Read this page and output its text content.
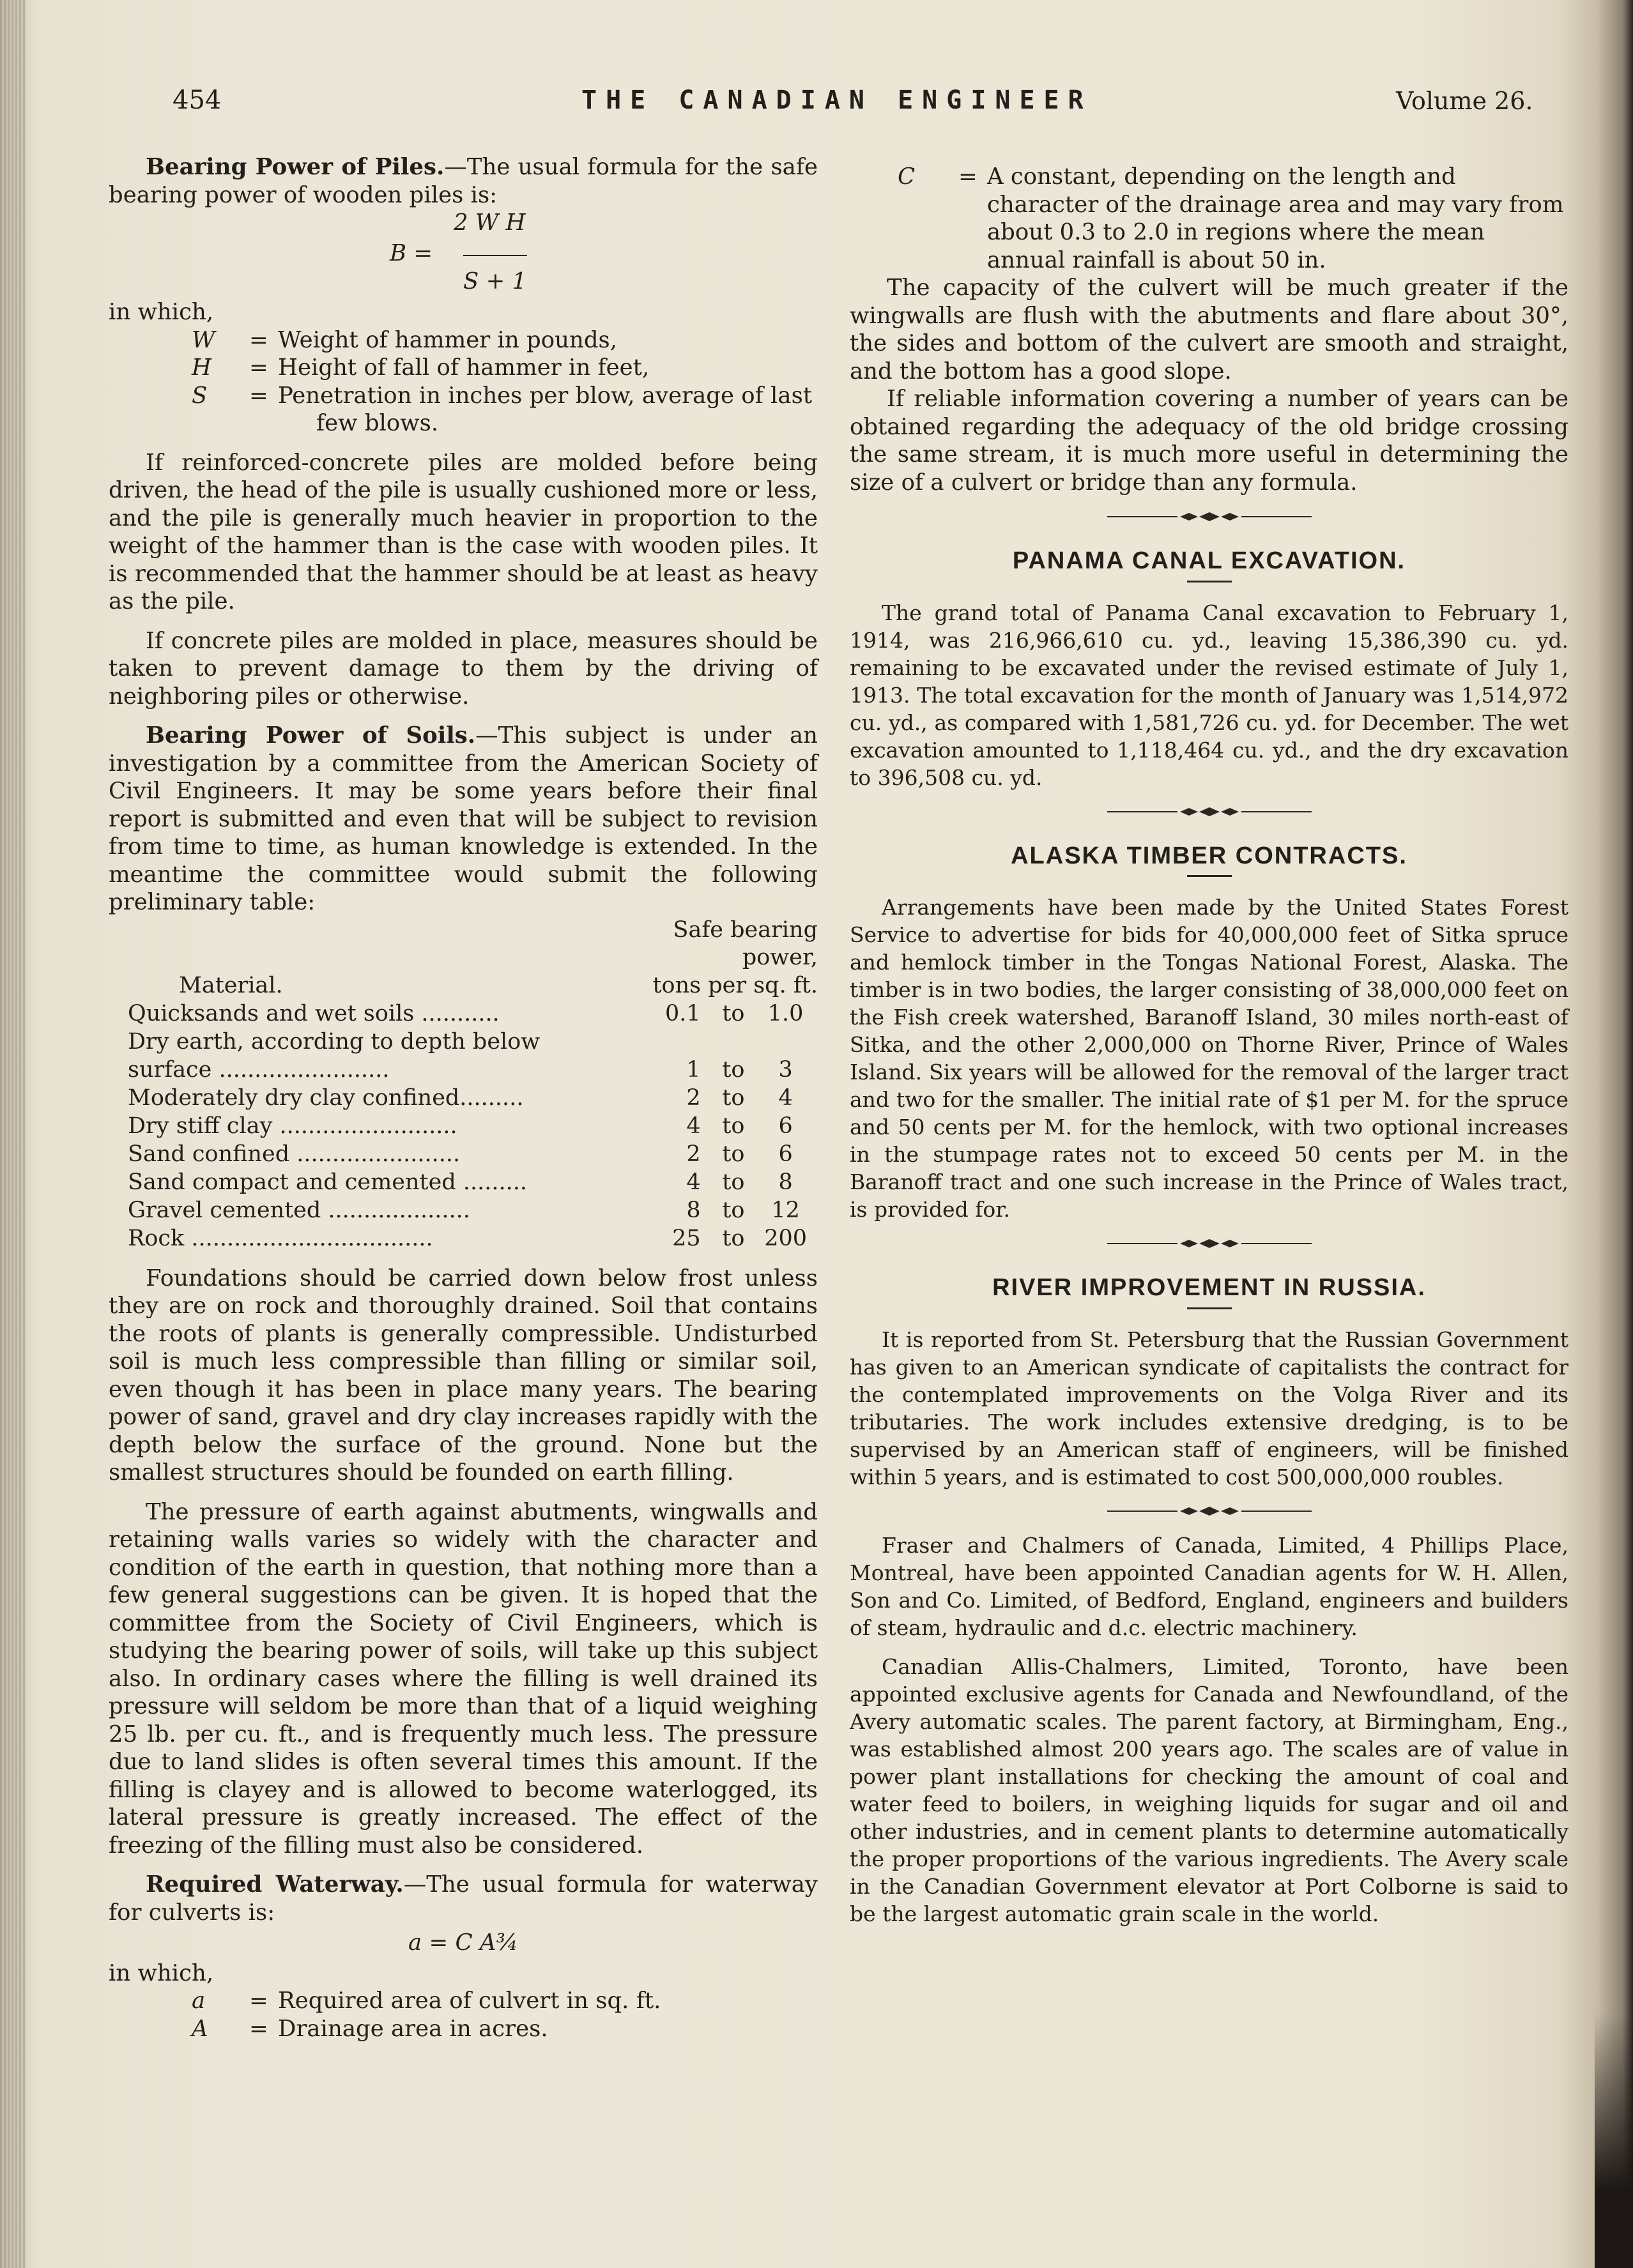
454	THE CANADIAN ENGINEER	Volume 26.

Bearing Power of Piles.—The usual formula for the safe bearing power of wooden piles is:

2 W H
B =
S + 1

in which,

W	= Weight of hammer in pounds,
H	= Height of fall of hammer in feet,
S	= Penetration in inches per blow, average of last
few blows.

If reinforced-concrete piles are molded before being driven, the head of the pile is usually cushioned more or less, and the pile is generally much heavier in proportion to the weight of the hammer than is the case with wooden piles. It is recommended that the hammer should be at least as heavy as the pile.

If concrete piles are molded in place, measures should be taken to prevent damage to them by the driving of neighboring piles or otherwise.

Bearing Power of Soils.—This subject is under an investigation by a committee from the American Society of Civil Engineers. It may be some years before their final report is submitted and even that will be subject to revision from time to time, as human knowledge is extended. In the meantime the committee would submit the following preliminary table:

	Safe bearing power,		
Material.	tons per sq. ft.		
Quicksands and wet soils ...........	0.1	to	1.0
Dry earth, according to depth below			
surface ........................	1	to	3
Moderately dry clay confined.........	2	to	4
Dry stiff clay .........................	4	to	6
Sand confined .......................	2	to	6
Sand compact and cemented .........	4	to	8
Gravel cemented ....................	8	to	12
Rock ..................................	25	to	200

Foundations should be carried down below frost unless they are on rock and thoroughly drained. Soil that contains the roots of plants is generally compressible. Undisturbed soil is much less compressible than filling or similar soil, even though it has been in place many years. The bearing power of sand, gravel and dry clay increases rapidly with the depth below the surface of the ground. None but the smallest structures should be founded on earth filling.

The pressure of earth against abutments, wingwalls and retaining walls varies so widely with the character and condition of the earth in question, that nothing more than a few general suggestions can be given. It is hoped that the committee from the Society of Civil Engineers, which is studying the bearing power of soils, will take up this subject also. In ordinary cases where the filling is well drained its pressure will seldom be more than that of a liquid weighing 25 lb. per cu. ft., and is frequently much less. The pressure due to land slides is often several times this amount. If the filling is clayey and is allowed to become waterlogged, its lateral pressure is greatly increased. The effect of the freezing of the filling must also be considered.

Required Waterway.—The usual formula for waterway for culverts is:

a = C A¾

in which,

a	= Required area of culvert in sq. ft.
A	= Drainage area in acres.
C	= A constant, depending on the length and character of the drainage area and may vary from about 0.3 to 2.0 in regions where the mean annual rainfall is about 50 in.

The capacity of the culvert will be much greater if the wingwalls are flush with the abutments and flare about 30°, the sides and bottom of the culvert are smooth and straight, and the bottom has a good slope.

If reliable information covering a number of years can be obtained regarding the adequacy of the old bridge crossing the same stream, it is much more useful in determining the size of a culvert or bridge than any formula.

PANAMA CANAL EXCAVATION.

The grand total of Panama Canal excavation to February 1, 1914, was 216,966,610 cu. yd., leaving 15,386,390 cu. yd. remaining to be excavated under the revised estimate of July 1, 1913. The total excavation for the month of January was 1,514,972 cu. yd., as compared with 1,581,726 cu. yd. for December. The wet excavation amounted to 1,118,464 cu. yd., and the dry excavation to 396,508 cu. yd.

ALASKA TIMBER CONTRACTS.

Arrangements have been made by the United States Forest Service to advertise for bids for 40,000,000 feet of Sitka spruce and hemlock timber in the Tongas National Forest, Alaska. The timber is in two bodies, the larger consisting of 38,000,000 feet on the Fish creek watershed, Baranoff Island, 30 miles north-east of Sitka, and the other 2,000,000 on Thorne River, Prince of Wales Island. Six years will be allowed for the removal of the larger tract and two for the smaller. The initial rate of $1 per M. for the spruce and 50 cents per M. for the hemlock, with two optional increases in the stumpage rates not to exceed 50 cents per M. in the Baranoff tract and one such increase in the Prince of Wales tract, is provided for.

RIVER IMPROVEMENT IN RUSSIA.

It is reported from St. Petersburg that the Russian Government has given to an American syndicate of capitalists the contract for the contemplated improvements on the Volga River and its tributaries. The work includes extensive dredging, is to be supervised by an American staff of engineers, will be finished within 5 years, and is estimated to cost 500,000,000 roubles.

Fraser and Chalmers of Canada, Limited, 4 Phillips Place, Montreal, have been appointed Canadian agents for W. H. Allen, Son and Co. Limited, of Bedford, England, engineers and builders of steam, hydraulic and d.c. electric machinery.

Canadian Allis-Chalmers, Limited, Toronto, have been appointed exclusive agents for Canada and Newfoundland, of the Avery automatic scales. The parent factory, at Birmingham, Eng., was established almost 200 years ago. The scales are of value in power plant installations for checking the amount of coal and water feed to boilers, in weighing liquids for sugar and oil and other industries, and in cement plants to determine automatically the proper proportions of the various ingredients. The Avery scale in the Canadian Government elevator at Port Colborne is said to be the largest automatic grain scale in the world.
